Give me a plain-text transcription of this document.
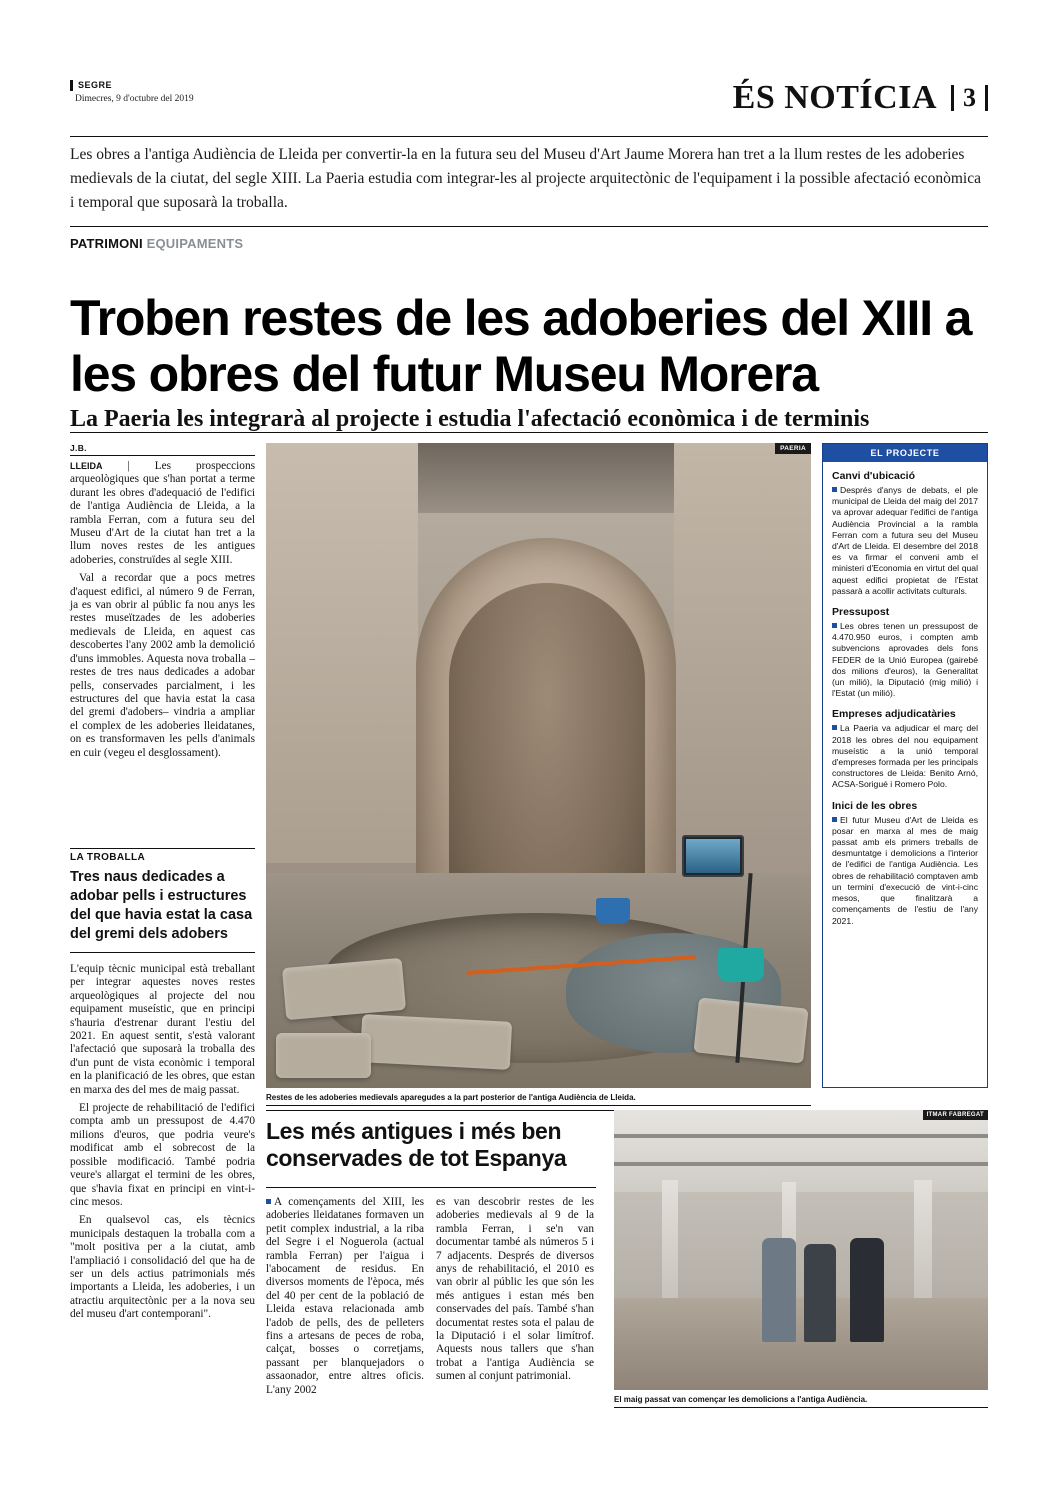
SEGRE
Dimecres, 9 d'octubre del 2019	ÉS NOTÍCIA 3
Les obres a l'antiga Audiència de Lleida per convertir-la en la futura seu del Museu d'Art Jaume Morera han tret a la llum restes de les adoberies medievals de la ciutat, del segle XIII. La Paeria estudia com integrar-les al projecte arquitectònic de l'equipament i la possible afectació econòmica i temporal que suposarà la troballa.
PATRIMONI EQUIPAMENTS
Troben restes de les adoberies del XIII a les obres del futur Museu Morera
La Paeria les integrarà al projecte i estudia l'afectació econòmica i de terminis
J.B.

LLEIDA | Les prospeccions arqueològiques que s'han portat a terme durant les obres d'adequació de l'edifici de l'antiga Audiència de Lleida, a la rambla Ferran, com a futura seu del Museu d'Art de la ciutat han tret a la llum noves restes de les antigues adoberies, construïdes al segle XIII.

Val a recordar que a pocs metres d'aquest edifici, al número 9 de Ferran, ja es van obrir al públic fa nou anys les restes museïtzades de les adoberies medievals de Lleida, en aquest cas descobertes l'any 2002 amb la demolició d'uns immobles. Aquesta nova troballa –restes de tres naus dedicades a adobar pells, conservades parcialment, i les estructures del que havia estat la casa del gremi d'adobers– vindria a ampliar el complex de les adoberies lleidatanes, on es transformaven les pells d'animals en cuir (vegeu el desglossament).

LA TROBALLA
Tres naus dedicades a adobar pells i estructures del que havia estat la casa del gremi dels adobers

L'equip tècnic municipal està treballant per integrar aquestes noves restes arqueològiques al projecte del nou equipament museístic, que en principi s'hauria d'estrenar durant l'estiu del 2021. En aquest sentit, s'està valorant l'afectació que suposarà la troballa des d'un punt de vista econòmic i temporal en la planificació de les obres, que estan en marxa des del mes de maig passat.

El projecte de rehabilitació de l'edifici compta amb un pressupost de 4.470 milions d'euros, que podria veure's modificat amb el sobrecost de la possible modificació. També podria veure's allargat el termini de les obres, que s'havia fixat en principi en vint-i-cinc mesos.

En qualsevol cas, els tècnics municipals destaquen la troballa com a "molt positiva per a la ciutat, amb l'ampliació i consolidació del que ha de ser un dels actius patrimonials més importants a Lleida, les adoberies, i un atractiu arquitectònic per a la nova seu del museu d'art contemporani".

PAERIA
Restes de les adoberies medievals aparegudes a la part posterior de l'antiga Audiència de Lleida.
EL PROJECTE
Canvi d'ubicació

Després d'anys de debats, el ple municipal de Lleida del maig del 2017 va aprovar adequar l'edifici de l'antiga Audiència Provincial a la rambla Ferran com a futura seu del Museu d'Art de Lleida. El desembre del 2018 es va firmar el conveni amb el ministeri d'Economia en virtut del qual aquest edifici propietat de l'Estat passarà a acollir activitats culturals.

Pressupost

Les obres tenen un pressupost de 4.470.950 euros, i compten amb subvencions aprovades dels fons FEDER de la Unió Europea (gairebé dos milions d'euros), la Generalitat (un milió), la Diputació (mig milió) i l'Estat (un milió).

Empreses adjudicatàries

La Paeria va adjudicar el març del 2018 les obres del nou equipament museístic a la unió temporal d'empreses formada per les principals constructores de Lleida: Benito Arnó, ACSA-Sorigué i Romero Polo.

Inici de les obres

El futur Museu d'Art de Lleida es posar en marxa al mes de maig passat amb els primers treballs de desmuntatge i demolicions a l'interior de l'edifici de l'antiga Audiència. Les obres de rehabilitació comptaven amb un termini d'execució de vint-i-cinc mesos, que finalitzarà a començaments de l'estiu de l'any 2021.

Les més antigues i més ben conservades de tot Espanya

A començaments del XIII, les adoberies lleidatanes formaven un petit complex industrial, a la riba del Segre i el Noguerola (actual rambla Ferran) per l'aigua i l'abocament de residus. En diversos moments de l'època, més del 40 per cent de la població de Lleida estava relacionada amb l'adob de pells, des de pelleters fins a artesans de peces de roba, calçat, bosses o corretjams, passant per blanquejadors o assaonador, entre altres oficis. L'any 2002

es van descobrir restes de les adoberies medievals al 9 de la rambla Ferran, i se'n van documentar també als números 5 i 7 adjacents. Després de diversos anys de rehabilitació, el 2010 es van obrir al públic les que són les més antigues i estan més ben conservades del país. També s'han documentat restes sota el palau de la Diputació i el solar limítrof. Aquests nous tallers que s'han trobat a l'antiga Audiència se sumen al conjunt patrimonial.

ITMAR FABREGAT
El maig passat van començar les demolicions a l'antiga Audiència.
